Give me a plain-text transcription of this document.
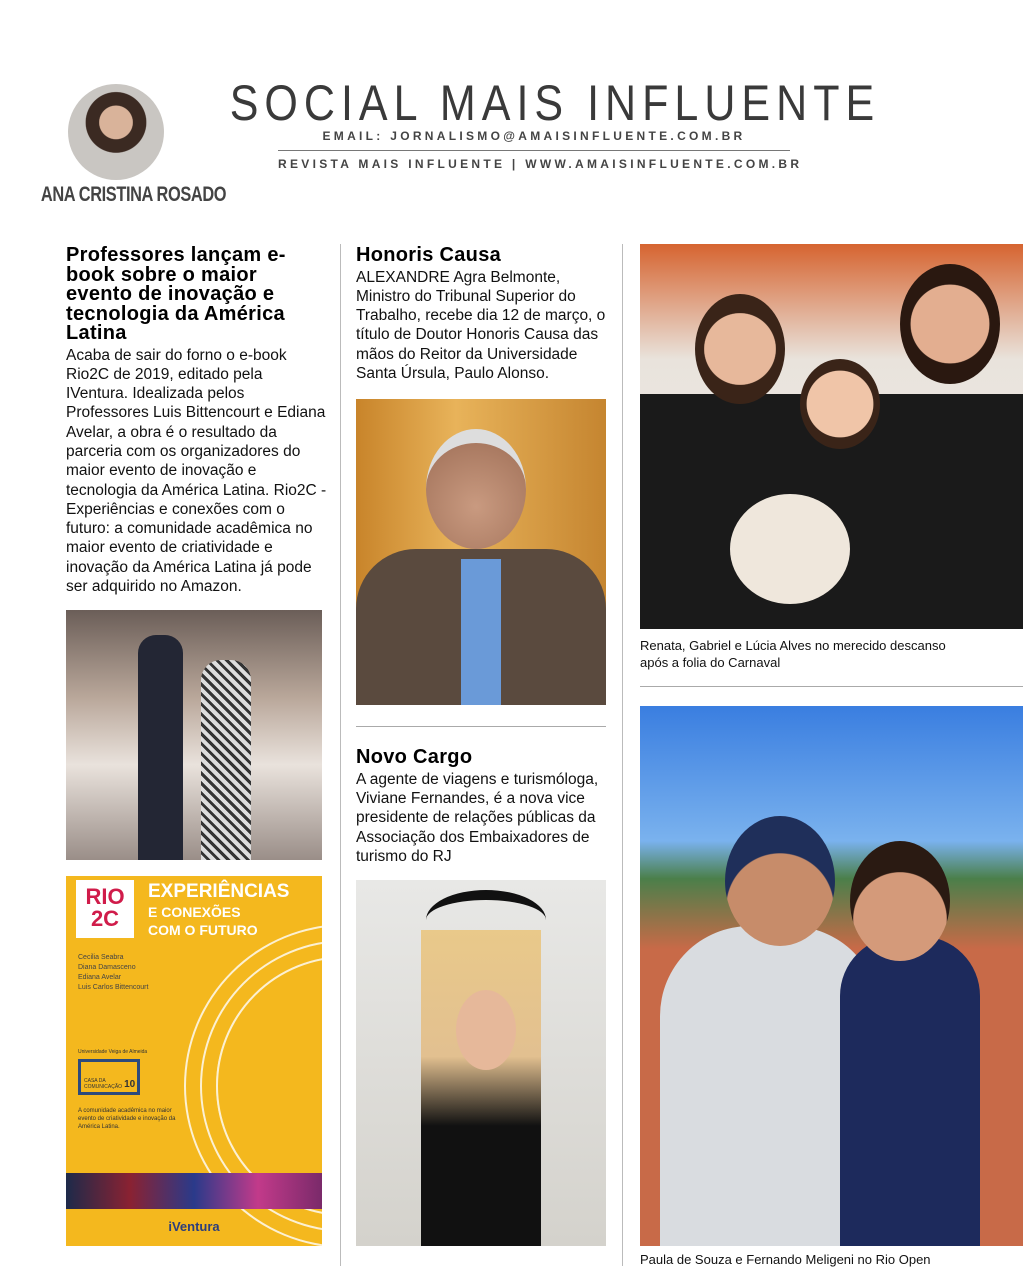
ANA CRISTINA ROSADO
SOCIAL MAIS INFLUENTE
EMAIL: JORNALISMO@AMAISINFLUENTE.COM.BR
REVISTA MAIS INFLUENTE | WWW.AMAISINFLUENTE.COM.BR
Professores lançam e-book sobre o maior evento de inovação e tecnologia da América Latina

Acaba de sair do forno o e-book Rio2C de 2019, editado pela IVentura. Idealizada pelos Professores Luis Bittencourt e Ediana Avelar, a obra é o resultado da parceria com os organizadores do maior evento de inovação e tecnologia da América Latina. Rio2C - Experiências e conexões com o futuro: a comunidade acadêmica no maior evento de criatividade e inovação da América Latina já pode ser adquirido no Amazon.

RIO 2C
EXPERIÊNCIAS
E CONEXÕES
COM O FUTURO
Cecilia Seabra
Diana Damasceno
Ediana Avelar
Luis Carlos Bittencourt
Universidade Veiga de Almeida
CASA DA COMUNICAÇÃO 10
A comunidade acadêmica no maior evento de criatividade e inovação da América Latina.
iVentura
Honoris Causa

ALEXANDRE Agra Belmonte, Ministro do Tribunal Superior do Trabalho, recebe dia 12 de março, o título de Doutor Honoris Causa das mãos do Reitor da Universidade Santa Úrsula, Paulo Alonso.

Novo Cargo

A agente de viagens e turismóloga, Viviane Fernandes, é a nova vice presidente de relações públicas da Associação dos Embaixadores de turismo do RJ

Renata, Gabriel e Lúcia Alves no merecido descanso após a folia do Carnaval

Paula de Souza e Fernando Meligeni no Rio Open
